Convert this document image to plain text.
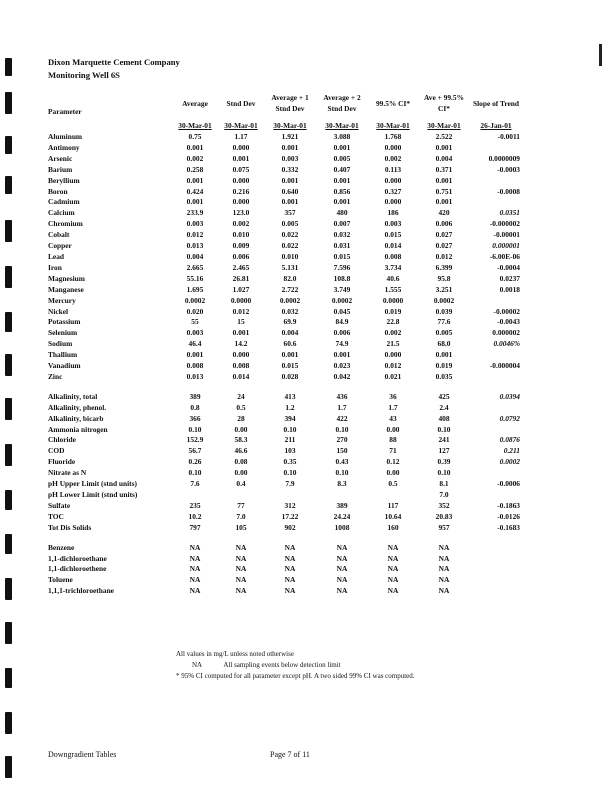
Dixon Marquette Cement Company
Monitoring Well 6S
Parameter	Average	Stnd Dev	Average + 1 Stnd Dev	Average + 2 Stnd Dev	99.5% CI*	Ave + 99.5% CI*	Slope of Trend
	30-Mar-01	30-Mar-01	30-Mar-01	30-Mar-01	30-Mar-01	30-Mar-01	26-Jan-01
Aluminum	0.75	1.17	1.921	3.088	1.768	2.522	-0.0011
Antimony	0.001	0.000	0.001	0.001	0.000	0.001	
Arsenic	0.002	0.001	0.003	0.005	0.002	0.004	0.0000009
Barium	0.258	0.075	0.332	0.407	0.113	0.371	-0.0003
Beryllium	0.001	0.000	0.001	0.001	0.000	0.001	
Boron	0.424	0.216	0.640	0.856	0.327	0.751	-0.0008
Cadmium	0.001	0.000	0.001	0.001	0.000	0.001	
Calcium	233.9	123.0	357	480	186	420	0.0351
Chromium	0.003	0.002	0.005	0.007	0.003	0.006	-0.000002
Cobalt	0.012	0.010	0.022	0.032	0.015	0.027	-0.00001
Copper	0.013	0.009	0.022	0.031	0.014	0.027	0.000001
Lead	0.004	0.006	0.010	0.015	0.008	0.012	-6.00E-06
Iron	2.665	2.465	5.131	7.596	3.734	6.399	-0.0004
Magnesium	55.16	26.81	82.0	108.8	40.6	95.8	0.0237
Manganese	1.695	1.027	2.722	3.749	1.555	3.251	0.0018
Mercury	0.0002	0.0000	0.0002	0.0002	0.0000	0.0002	
Nickel	0.020	0.012	0.032	0.045	0.019	0.039	-0.00002
Potassium	55	15	69.9	84.9	22.8	77.6	-0.0043
Selenium	0.003	0.001	0.004	0.006	0.002	0.005	0.000002
Sodium	46.4	14.2	60.6	74.9	21.5	68.0	0.0046%
Thallium	0.001	0.000	0.001	0.001	0.000	0.001	
Vanadium	0.008	0.008	0.015	0.023	0.012	0.019	-0.000004
Zinc	0.013	0.014	0.028	0.042	0.021	0.035	

Alkalinity, total	389	24	413	436	36	425	0.0394
Alkalinity, phenol.	0.8	0.5	1.2	1.7	1.7	2.4	
Alkalinity, bicarb	366	28	394	422	43	408	0.0792
Ammonia nitrogen	0.10	0.00	0.10	0.10	0.00	0.10	
Chloride	152.9	58.3	211	270	88	241	0.0876
COD	56.7	46.6	103	150	71	127	0.211
Fluoride	0.26	0.08	0.35	0.43	0.12	0.39	0.0002
Nitrate as N	0.10	0.00	0.10	0.10	0.00	0.10	
pH Upper Limit (stnd units)	7.6	0.4	7.9	8.3	0.5	8.1	-0.0006
pH Lower Limit (stnd units)						7.0	
Sulfate	235	77	312	389	117	352	-0.1863
TOC	10.2	7.0	17.22	24.24	10.64	20.83	-0.0126
Tot Dis Solids	797	105	902	1008	160	957	-0.1683

Benzene	NA	NA	NA	NA	NA	NA	
1,1-dichloroethane	NA	NA	NA	NA	NA	NA	
1,1-dichloroethene	NA	NA	NA	NA	NA	NA	
Toluene	NA	NA	NA	NA	NA	NA	
1,1,1-trichloroethane	NA	NA	NA	NA	NA	NA	
All values in mg/L unless noted otherwise
NA	All sampling events below detection limit
* 95% CI computed for all parameter except pH. A two sided 99% CI was computed.
Downgradient Tables	Page 7 of 11
